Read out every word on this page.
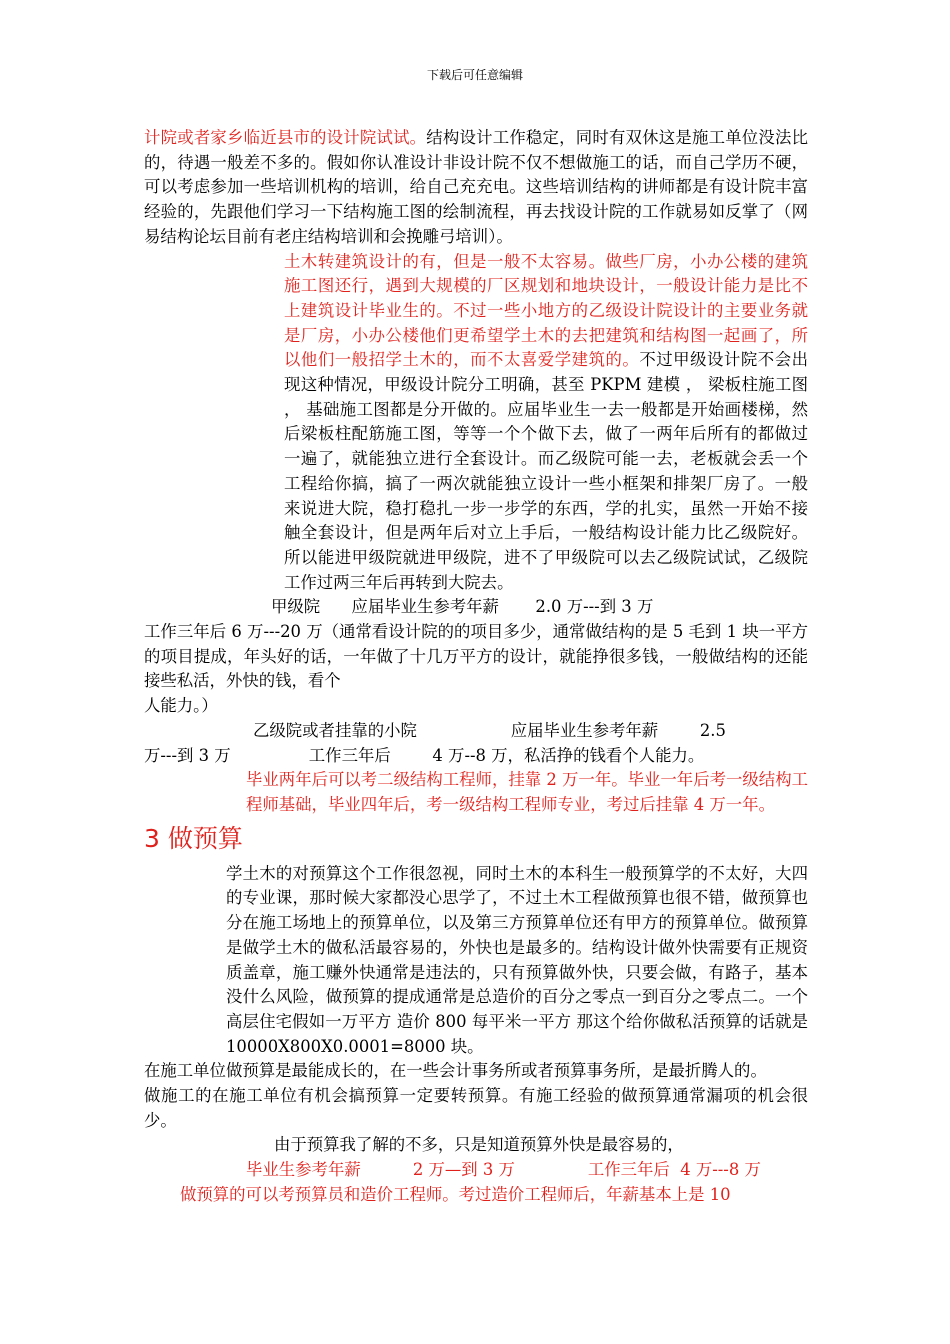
下载后可任意编辑

计院或者家乡临近县市的设计院试试。结构设计工作稳定，同时有双休这是施工单位没法比的，待遇一般差不多的。假如你认准设计非设计院不仅不想做施工的话，而自己学历不硬，可以考虑参加一些培训机构的培训，给自己充充电。这些培训结构的讲师都是有设计院丰富经验的，先跟他们学习一下结构施工图的绘制流程，再去找设计院的工作就易如反掌了（网易结构论坛目前有老庄结构培训和会挽雕弓培训）。

土木转建筑设计的有，但是一般不太容易。做些厂房，小办公楼的建筑施工图还行，遇到大规模的厂区规划和地块设计，一般设计能力是比不上建筑设计毕业生的。不过一些小地方的乙级设计院设计的主要业务就是厂房，小办公楼他们更希望学土木的去把建筑和结构图一起画了，所以他们一般招学土木的，而不太喜爱学建筑的。不过甲级设计院不会出现这种情况，甲级设计院分工明确，甚至 PKPM 建模 ， 梁板柱施工图 ， 基础施工图都是分开做的。应届毕业生一去一般都是开始画楼梯，然后梁板柱配筋施工图，等等一个个做下去，做了一两年后所有的都做过一遍了，就能独立进行全套设计。而乙级院可能一去，老板就会丢一个工程给你搞，搞了一两次就能独立设计一些小框架和排架厂房了。一般来说进大院，稳打稳扎一步一步学的东西，学的扎实，虽然一开始不接触全套设计，但是两年后对立上手后，一般结构设计能力比乙级院好。所以能进甲级院就进甲级院，进不了甲级院可以去乙级院试试，乙级院工作过两三年后再转到大院去。

甲级院      应届毕业生参考年薪       2.0 万---到 3 万

工作三年后 6 万---20 万（通常看设计院的的项目多少，通常做结构的是 5 毛到 1 块一平方的项目提成，年头好的话，一年做了十几万平方的设计，就能挣很多钱，一般做结构的还能接些私活，外快的钱，看个

人能力。）

乙级院或者挂靠的小院                  应届毕业生参考年薪        2.5

万---到 3 万               工作三年后        4 万--8 万，私活挣的钱看个人能力。

毕业两年后可以考二级结构工程师，挂靠 2 万一年。毕业一年后考一级结构工程师基础，毕业四年后，考一级结构工程师专业，考过后挂靠 4 万一年。

3 做预算

学土木的对预算这个工作很忽视，同时土木的本科生一般预算学的不太好，大四的专业课，那时候大家都没心思学了，不过土木工程做预算也很不错，做预算也分在施工场地上的预算单位，以及第三方预算单位还有甲方的预算单位。做预算是做学土木的做私活最容易的，外快也是最多的。结构设计做外快需要有正规资质盖章，施工赚外快通常是违法的，只有预算做外快，只要会做，有路子，基本没什么风险，做预算的提成通常是总造价的百分之零点一到百分之零点二。一个高层住宅假如一万平方 造价 800 每平米一平方 那这个给你做私活预算的话就是 10000X800X0.0001=8000 块。

在施工单位做预算是最能成长的，在一些会计事务所或者预算事务所，是最折腾人的。

做施工的在施工单位有机会搞预算一定要转预算。有施工经验的做预算通常漏项的机会很少。

由于预算我了解的不多，只是知道预算外快是最容易的，

毕业生参考年薪          2 万—到 3 万              工作三年后  4 万---8 万

做预算的可以考预算员和造价工程师。考过造价工程师后，年薪基本上是 10
